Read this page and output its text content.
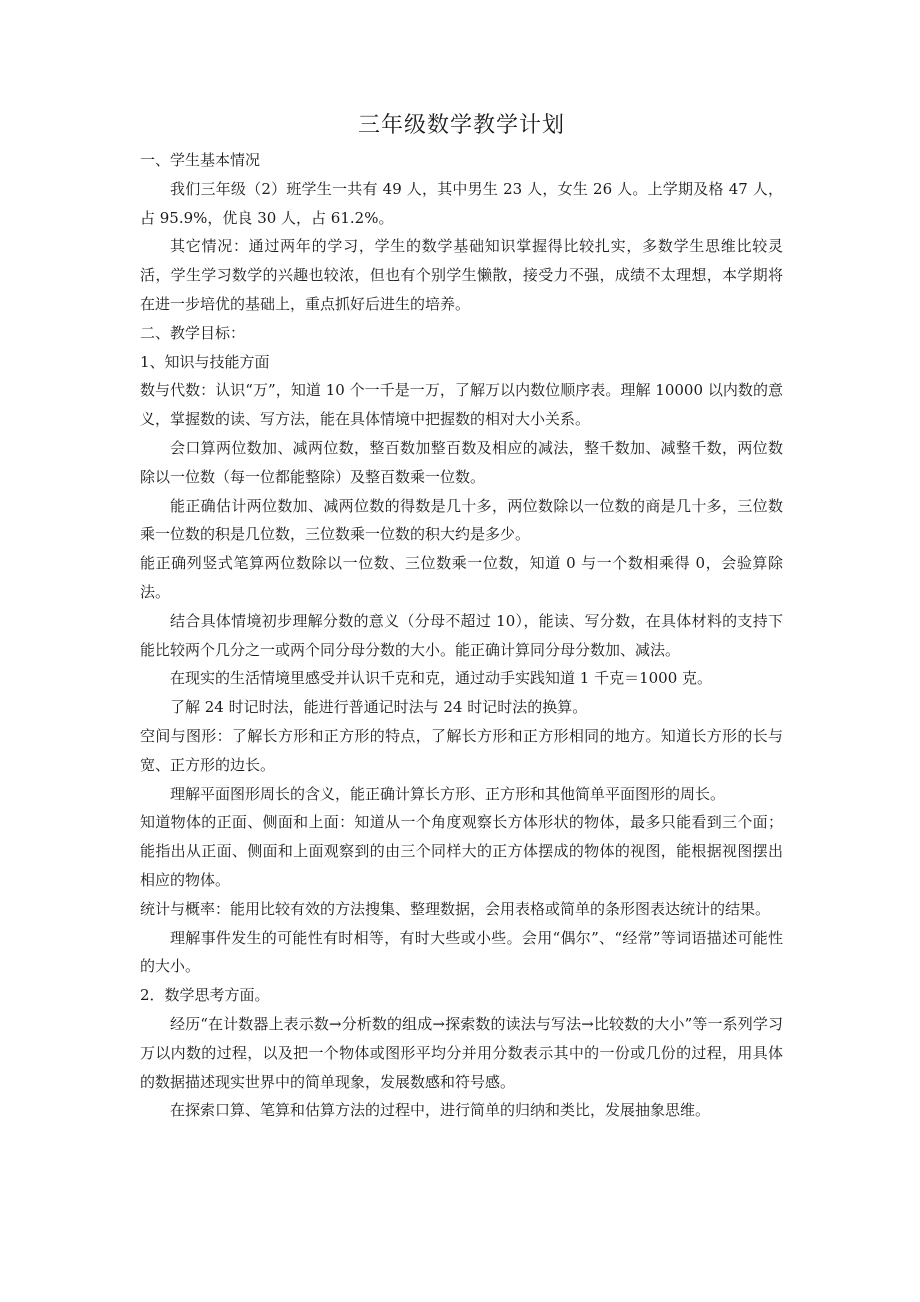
三年级数学教学计划

一、学生基本情况

我们三年级（2）班学生一共有 49 人，其中男生 23 人，女生 26 人。上学期及格 47 人，占 95.9%，优良 30 人，占 61.2%。

其它情况：通过两年的学习，学生的数学基础知识掌握得比较扎实，多数学生思维比较灵活，学生学习数学的兴趣也较浓，但也有个别学生懒散，接受力不强，成绩不太理想，本学期将在进一步培优的基础上，重点抓好后进生的培养。

二、教学目标：

1、知识与技能方面

数与代数：认识“万”，知道 10 个一千是一万，了解万以内数位顺序表。理解 10000 以内数的意义，掌握数的读、写方法，能在具体情境中把握数的相对大小关系。

会口算两位数加、减两位数，整百数加整百数及相应的减法，整千数加、减整千数，两位数除以一位数（每一位都能整除）及整百数乘一位数。

能正确估计两位数加、减两位数的得数是几十多，两位数除以一位数的商是几十多，三位数乘一位数的积是几位数，三位数乘一位数的积大约是多少。

能正确列竖式笔算两位数除以一位数、三位数乘一位数，知道 0 与一个数相乘得 0，会验算除法。

结合具体情境初步理解分数的意义（分母不超过 10），能读、写分数，在具体材料的支持下能比较两个几分之一或两个同分母分数的大小。能正确计算同分母分数加、减法。

在现实的生活情境里感受并认识千克和克，通过动手实践知道 1 千克＝1000 克。

了解 24 时记时法，能进行普通记时法与 24 时记时法的换算。

空间与图形：了解长方形和正方形的特点，了解长方形和正方形相同的地方。知道长方形的长与宽、正方形的边长。

理解平面图形周长的含义，能正确计算长方形、正方形和其他简单平面图形的周长。

知道物体的正面、侧面和上面：知道从一个角度观察长方体形状的物体，最多只能看到三个面；能指出从正面、侧面和上面观察到的由三个同样大的正方体摆成的物体的视图，能根据视图摆出相应的物体。

统计与概率：能用比较有效的方法搜集、整理数据，会用表格或简单的条形图表达统计的结果。

理解事件发生的可能性有时相等，有时大些或小些。会用“偶尔”、“经常”等词语描述可能性的大小。

2．数学思考方面。

经历“在计数器上表示数→分析数的组成→探索数的读法与写法→比较数的大小”等一系列学习万以内数的过程，以及把一个物体或图形平均分并用分数表示其中的一份或几份的过程，用具体的数据描述现实世界中的简单现象，发展数感和符号感。

在探索口算、笔算和估算方法的过程中，进行简单的归纳和类比，发展抽象思维。
